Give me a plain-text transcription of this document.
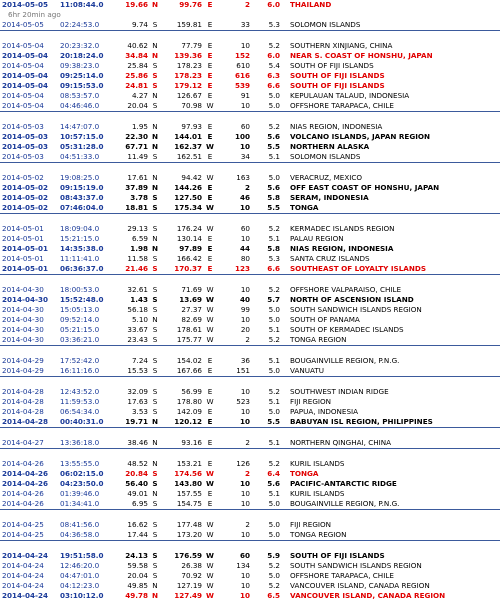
2014-05-05	11:08:44.0	19.66	N	99.76	E	2	6.0	THAILAND
6hr 20min ago								
2014-05-05	02:24:53.0	9.74	S	159.81	E	33	5.3	SOLOMON ISLANDS

2014-05-04	20:23:32.0	40.62	N	77.79	E	10	5.2	SOUTHERN XINJIANG, CHINA
2014-05-04	20:18:24.0	34.84	N	139.36	E	152	6.0	NEAR S. COAST OF HONSHU, JAPAN
2014-05-04	09:38:23.0	25.84	S	178.23	E	610	5.4	SOUTH OF FIJI ISLANDS
2014-05-04	09:25:14.0	25.86	S	178.23	E	616	6.3	SOUTH OF FIJI ISLANDS
2014-05-04	09:15:53.0	24.81	S	179.12	E	539	6.6	SOUTH OF FIJI ISLANDS
2014-05-04	08:53:57.0	4.27	N	126.67	E	91	5.0	KEPULAUAN TALAUD, INDONESIA
2014-05-04	04:46:46.0	20.04	S	70.98	W	10	5.0	OFFSHORE TARAPACA, CHILE

2014-05-03	14:47:07.0	1.95	N	97.93	E	60	5.2	NIAS REGION, INDONESIA
2014-05-03	10:57:15.0	22.30	N	144.01	E	100	5.6	VOLCANO ISLANDS, JAPAN REGION
2014-05-03	05:31:28.0	67.71	N	162.37	W	10	5.5	NORTHERN ALASKA
2014-05-03	04:51:33.0	11.49	S	162.51	E	34	5.1	SOLOMON ISLANDS

2014-05-02	19:08:25.0	17.61	N	94.42	W	163	5.0	VERACRUZ, MEXICO
2014-05-02	09:15:19.0	37.89	N	144.26	E	2	5.6	OFF EAST COAST OF HONSHU, JAPAN
2014-05-02	08:43:37.0	3.78	S	127.50	E	46	5.8	SERAM, INDONESIA
2014-05-02	07:46:04.0	18.81	S	175.34	W	10	5.5	TONGA

2014-05-01	18:09:04.0	29.13	S	176.24	W	60	5.2	KERMADEC ISLANDS REGION
2014-05-01	15:21:15.0	6.59	N	130.14	E	10	5.1	PALAU REGION
2014-05-01	14:35:38.0	1.98	N	97.89	E	44	5.8	NIAS REGION, INDONESIA
2014-05-01	11:11:41.0	11.58	S	166.42	E	80	5.3	SANTA CRUZ ISLANDS
2014-05-01	06:36:37.0	21.46	S	170.37	E	123	6.6	SOUTHEAST OF LOYALTY ISLANDS

2014-04-30	18:00:53.0	32.61	S	71.69	W	10	5.2	OFFSHORE VALPARAISO, CHILE
2014-04-30	15:52:48.0	1.43	S	13.69	W	40	5.7	NORTH OF ASCENSION ISLAND
2014-04-30	15:05:13.0	56.18	S	27.37	W	99	5.0	SOUTH SANDWICH ISLANDS REGION
2014-04-30	09:52:14.0	5.10	N	82.69	W	10	5.0	SOUTH OF PANAMA
2014-04-30	05:21:15.0	33.67	S	178.61	W	20	5.1	SOUTH OF KERMADEC ISLANDS
2014-04-30	03:36:21.0	23.43	S	175.77	W	2	5.2	TONGA REGION

2014-04-29	17:52:42.0	7.24	S	154.02	E	36	5.1	BOUGAINVILLE REGION, P.N.G.
2014-04-29	16:11:16.0	15.53	S	167.66	E	151	5.0	VANUATU

2014-04-28	12:43:52.0	32.09	S	56.99	E	10	5.2	SOUTHWEST INDIAN RIDGE
2014-04-28	11:59:53.0	17.63	S	178.80	W	523	5.1	FIJI REGION
2014-04-28	06:54:34.0	3.53	S	142.09	E	10	5.0	PAPUA, INDONESIA
2014-04-28	00:40:31.0	19.71	N	120.12	E	10	5.5	BABUYAN ISL REGION, PHILIPPINES

2014-04-27	13:36:18.0	38.46	N	93.16	E	2	5.1	NORTHERN QINGHAI, CHINA

2014-04-26	13:55:55.0	48.52	N	153.21	E	126	5.2	KURIL ISLANDS
2014-04-26	06:02:15.0	20.84	S	174.56	W	2	6.4	TONGA
2014-04-26	04:23:50.0	56.40	S	143.80	W	10	5.6	PACIFIC-ANTARCTIC RIDGE
2014-04-26	01:39:46.0	49.01	N	157.55	E	10	5.1	KURIL ISLANDS
2014-04-26	01:34:41.0	6.95	S	154.75	E	10	5.0	BOUGAINVILLE REGION, P.N.G.

2014-04-25	08:41:56.0	16.62	S	177.48	W	2	5.0	FIJI REGION
2014-04-25	04:36:58.0	17.44	S	173.20	W	10	5.0	TONGA REGION

2014-04-24	19:51:58.0	24.13	S	176.59	W	60	5.9	SOUTH OF FIJI ISLANDS
2014-04-24	12:46:20.0	59.58	S	26.38	W	134	5.2	SOUTH SANDWICH ISLANDS REGION
2014-04-24	04:47:01.0	20.04	S	70.92	W	10	5.0	OFFSHORE TARAPACA, CHILE
2014-04-24	04:12:23.0	49.85	N	127.19	W	10	5.2	VANCOUVER ISLAND, CANADA REGION
2014-04-24	03:10:12.0	49.78	N	127.49	W	10	6.5	VANCOUVER ISLAND, CANADA REGION
